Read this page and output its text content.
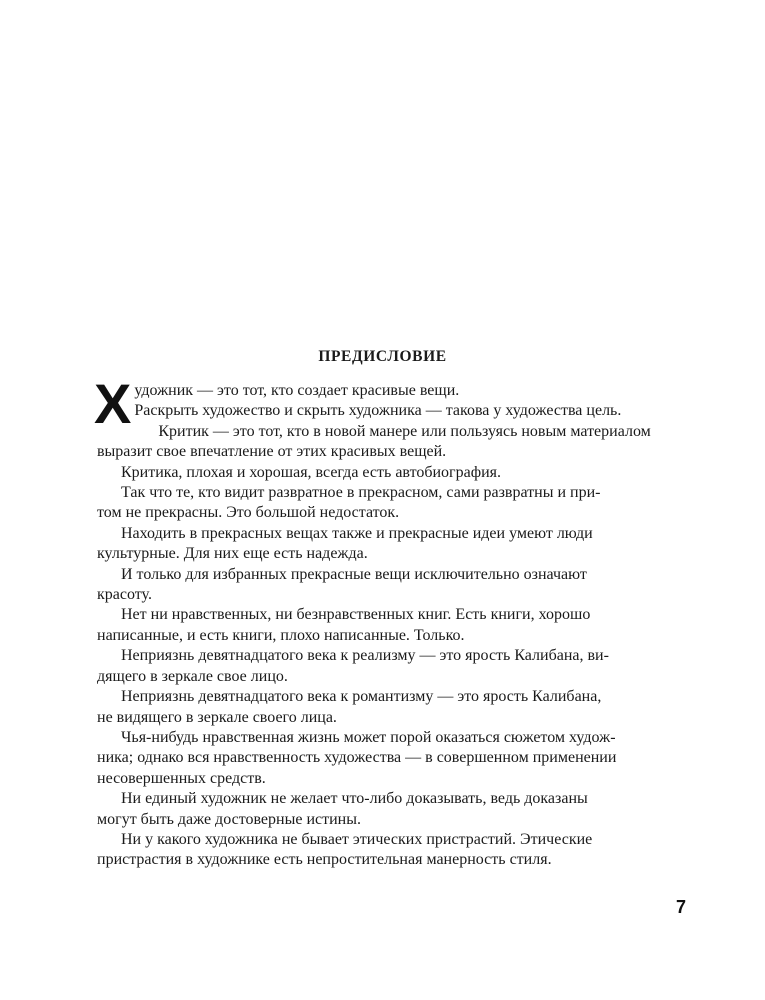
ПРЕДИСЛОВИЕ
Х удожник — это тот, кто создает красивые вещи.

Раскрыть художество и скрыть художника — такова у художества цель.

Критик — это тот, кто в новой манере или пользуясь новым материалом
выразит свое впечатление от этих красивых вещей.

Критика, плохая и хорошая, всегда есть автобиография.

Так что те, кто видит развратное в прекрасном, сами развратны и при-
том не прекрасны. Это большой недостаток.

Находить в прекрасных вещах также и прекрасные идеи умеют люди
культурные. Для них еще есть надежда.

И только для избранных прекрасные вещи исключительно означают
красоту.

Нет ни нравственных, ни безнравственных книг. Есть книги, хорошо
написанные, и есть книги, плохо написанные. Только.

Неприязнь девятнадцатого века к реализму — это ярость Калибана, ви-
дящего в зеркале свое лицо.

Неприязнь девятнадцатого века к романтизму — это ярость Калибана,
не видящего в зеркале своего лица.

Чья-нибудь нравственная жизнь может порой оказаться сюжетом худож-
ника; однако вся нравственность художества — в совершенном применении
несовершенных средств.

Ни единый художник не желает что-либо доказывать, ведь доказаны
могут быть даже достоверные истины.

Ни у какого художника не бывает этических пристрастий. Этические
пристрастия в художнике есть непростительная манерность стиля.

7
